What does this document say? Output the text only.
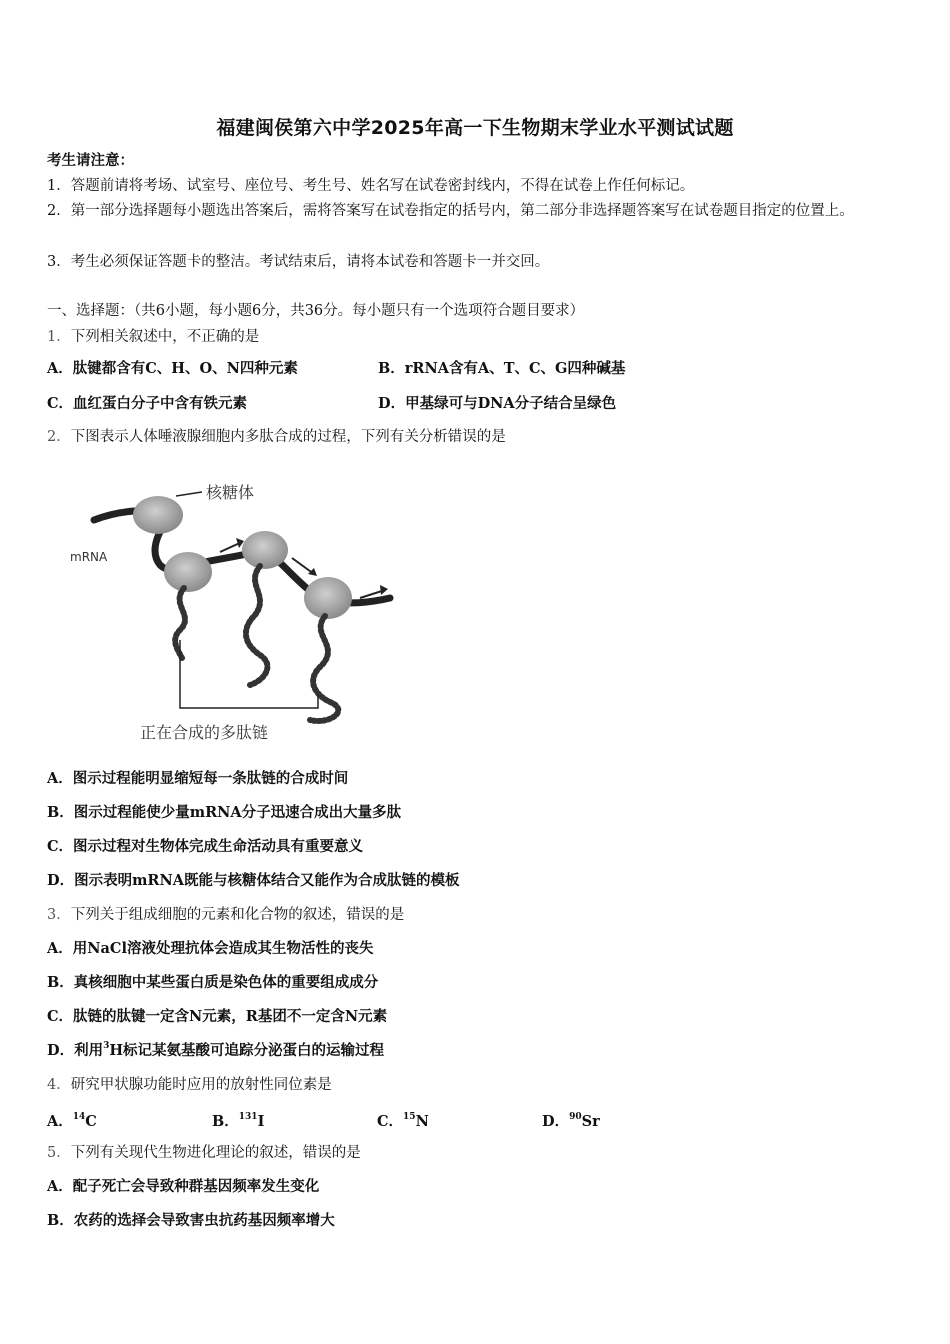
福建闽侯第六中学2025年高一下生物期末学业水平测试试题
考生请注意：
1．答题前请将考场、试室号、座位号、考生号、姓名写在试卷密封线内，不得在试卷上作任何标记。
2．第一部分选择题每小题选出答案后，需将答案写在试卷指定的括号内，第二部分非选择题答案写在试卷题目指定的位置上。
3．考生必须保证答题卡的整洁。考试结束后，请将本试卷和答题卡一并交回。
一、选择题：（共6小题，每小题6分，共36分。每小题只有一个选项符合题目要求）
1．下列相关叙述中，不正确的是
A．肽键都含有C、H、O、N四种元素	B．rRNA含有A、T、C、G四种碱基
C．血红蛋白分子中含有铁元素	D．甲基绿可与DNA分子结合呈绿色
2．下图表示人体唾液腺细胞内多肽合成的过程，下列有关分析错误的是
核糖体
mRNA
正在合成的多肽链
A．图示过程能明显缩短每一条肽链的合成时间
B．图示过程能使少量mRNA分子迅速合成出大量多肽
C．图示过程对生物体完成生命活动具有重要意义
D．图示表明mRNA既能与核糖体结合又能作为合成肽链的模板
3．下列关于组成细胞的元素和化合物的叙述，错误的是
A．用NaCl溶液处理抗体会造成其生物活性的丧失
B．真核细胞中某些蛋白质是染色体的重要组成成分
C．肽链的肽键一定含N元素，R基团不一定含N元素
D．利用$^3$H标记某氨基酸可追踪分泌蛋白的运输过程
4．研究甲状腺功能时应用的放射性同位素是
A．$^{14}$C	B．$^{131}$I	C．$^{15}$N	D．$^{90}$Sr
5．下列有关现代生物进化理论的叙述，错误的是
A．配子死亡会导致种群基因频率发生变化
B．农药的选择会导致害虫抗药基因频率增大
